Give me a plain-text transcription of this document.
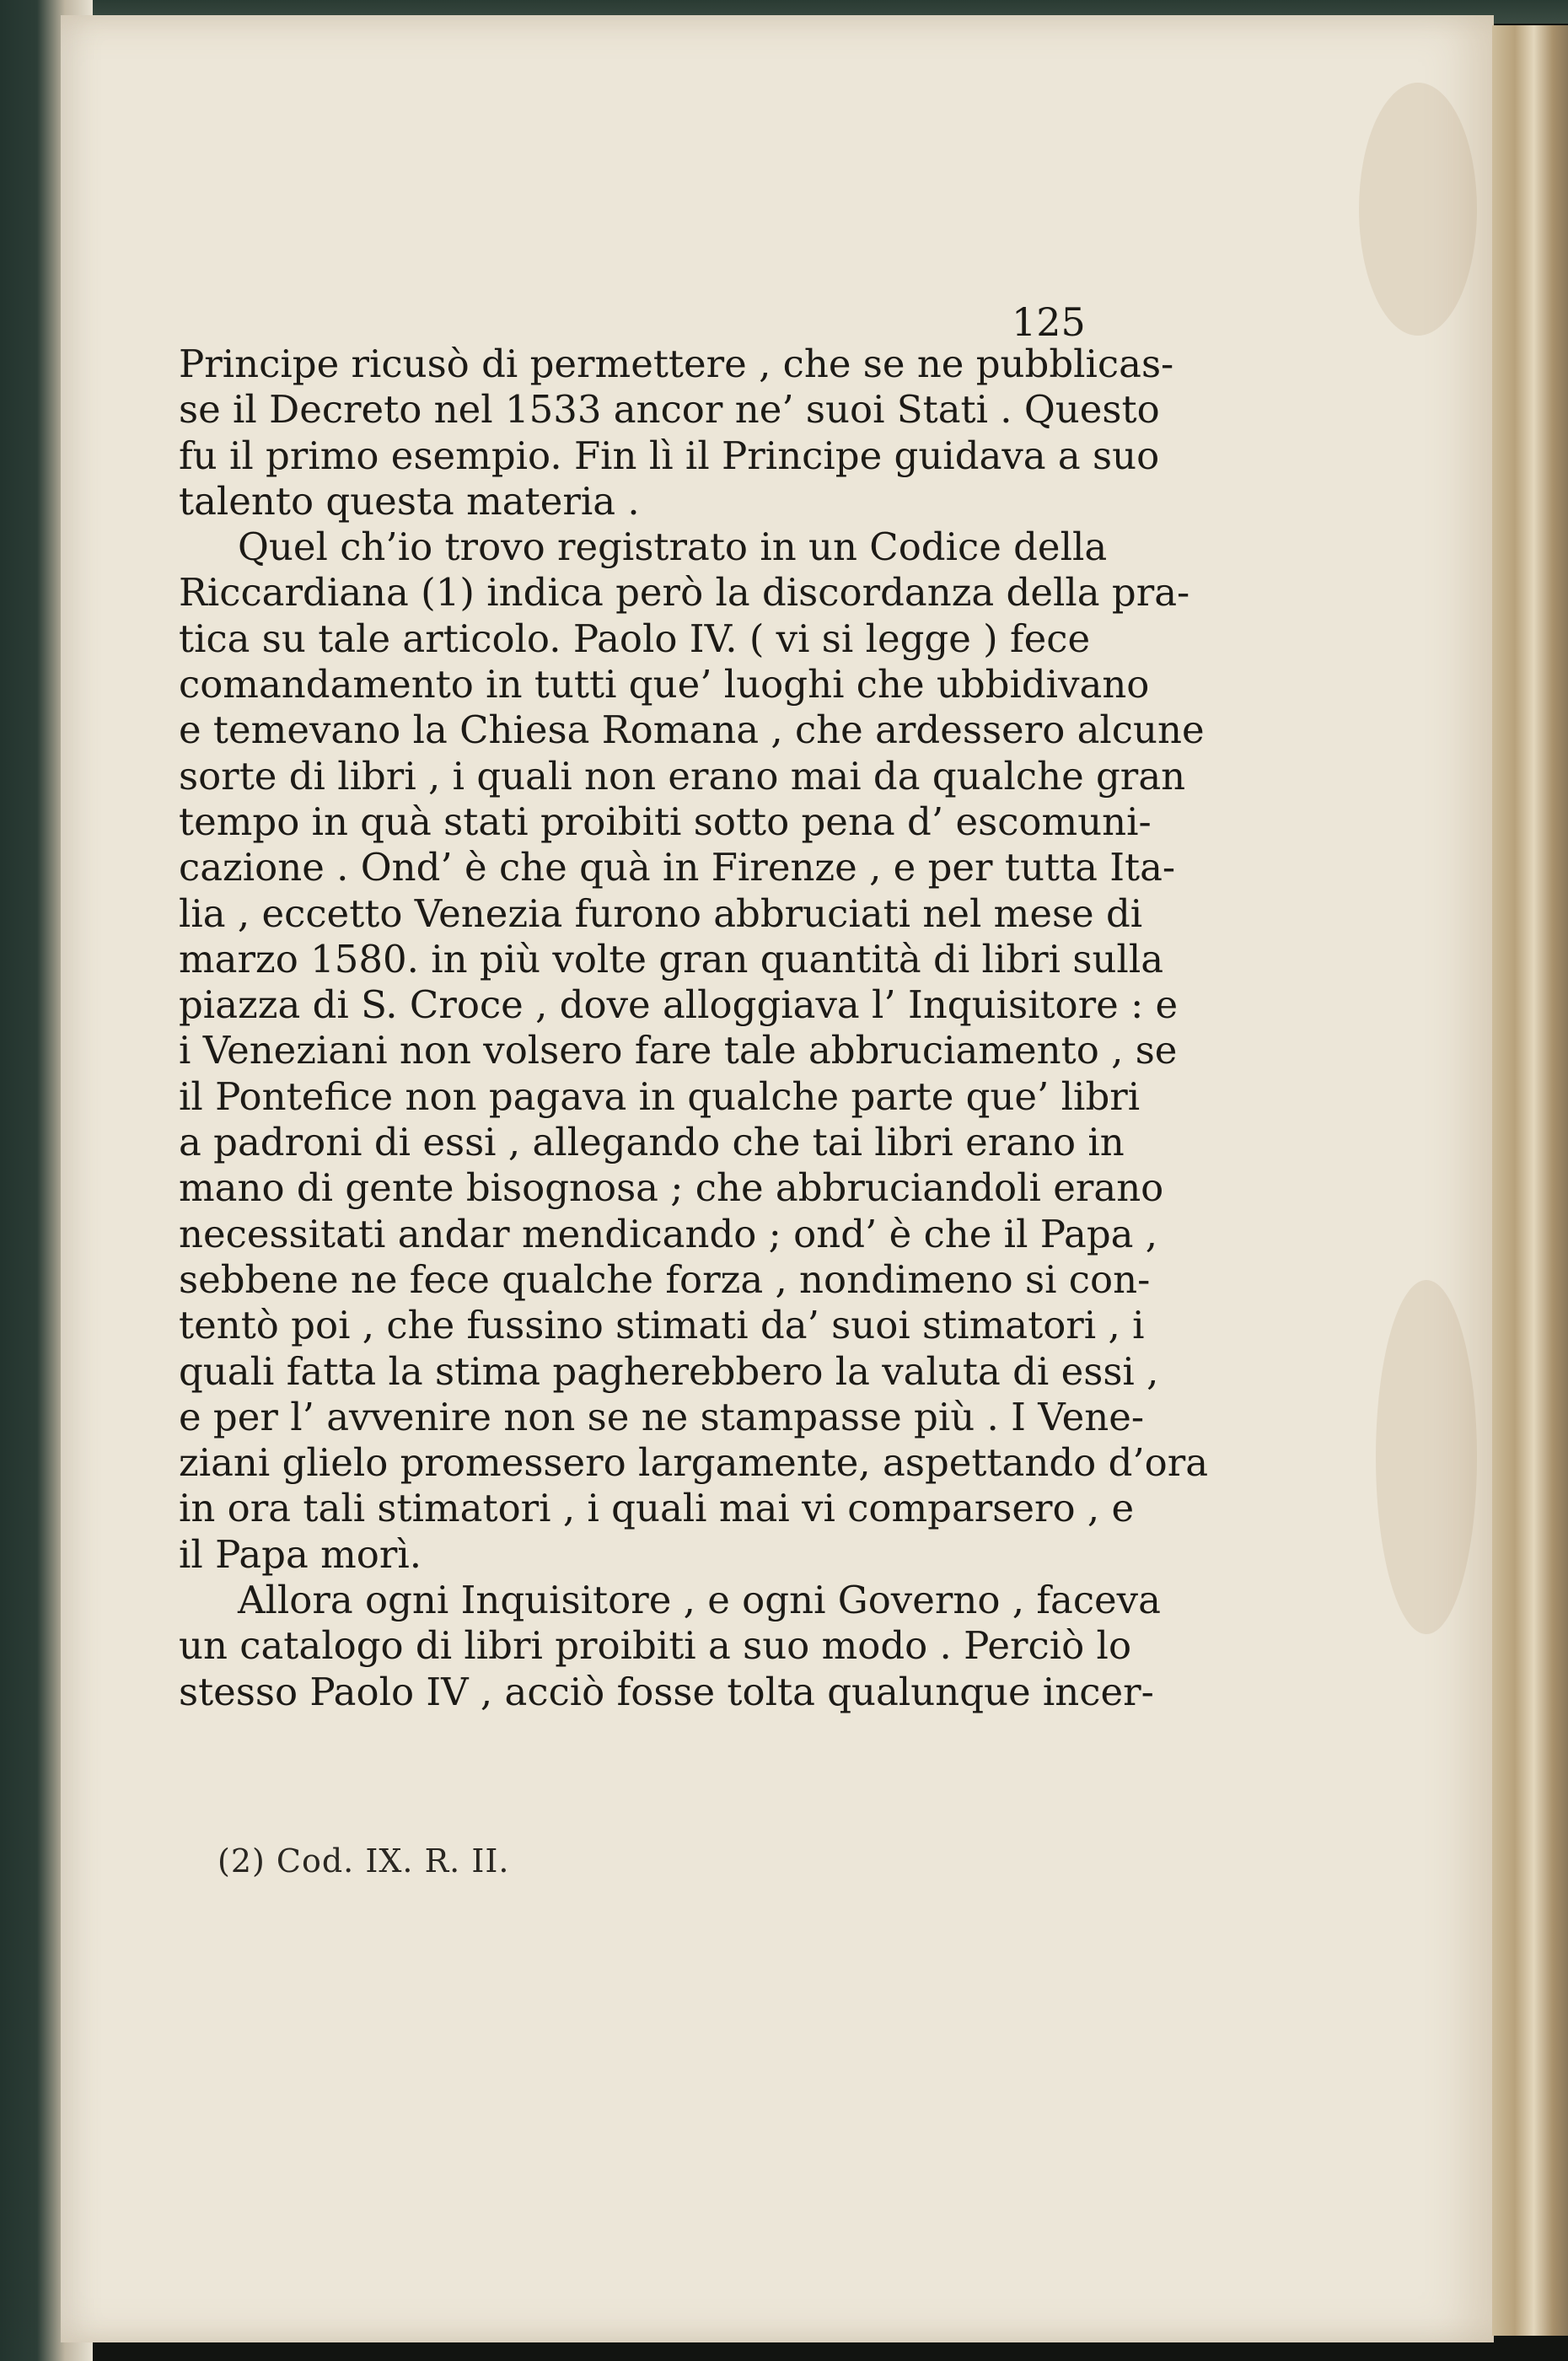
125
Principe ricusò di permettere , che se ne pubblicas-
se il Decreto nel 1533 ancor ne’ suoi Stati . Questo
fu il primo esempio. Fin lì il Principe guidava a suo
talento questa materia .
Quel ch’io trovo registrato in un Codice della
Riccardiana (1) indica però la discordanza della pra-
tica su tale articolo. Paolo IV. ( vi si legge ) fece
comandamento in tutti que’ luoghi che ubbidivano
e temevano la Chiesa Romana , che ardessero alcune
sorte di libri , i quali non erano mai da qualche gran
tempo in quà stati proibiti sotto pena d’ escomuni-
cazione . Ond’ è che quà in Firenze , e per tutta Ita-
lia , eccetto Venezia furono abbruciati nel mese di
marzo 1580. in più volte gran quantità di libri sulla
piazza di S. Croce , dove alloggiava l’ Inquisitore : e
i Veneziani non volsero fare tale abbruciamento , se
il Pontefice non pagava in qualche parte que’ libri
a padroni di essi , allegando che tai libri erano in
mano di gente bisognosa ; che abbruciandoli erano
necessitati andar mendicando ; ond’ è che il Papa ,
sebbene ne fece qualche forza , nondimeno si con-
tentò poi , che fussino stimati da’ suoi stimatori , i
quali fatta la stima pagherebbero la valuta di essi ,
e per l’ avvenire non se ne stampasse più . I Vene-
ziani glielo promessero largamente, aspettando d’ora
in ora tali stimatori , i quali mai vi comparsero , e
il Papa morì.
Allora ogni Inquisitore , e ogni Governo , faceva
un catalogo di libri proibiti a suo modo . Perciò lo
stesso Paolo IV , acciò fosse tolta qualunque incer-
(2) Cod. IX. R. II.
